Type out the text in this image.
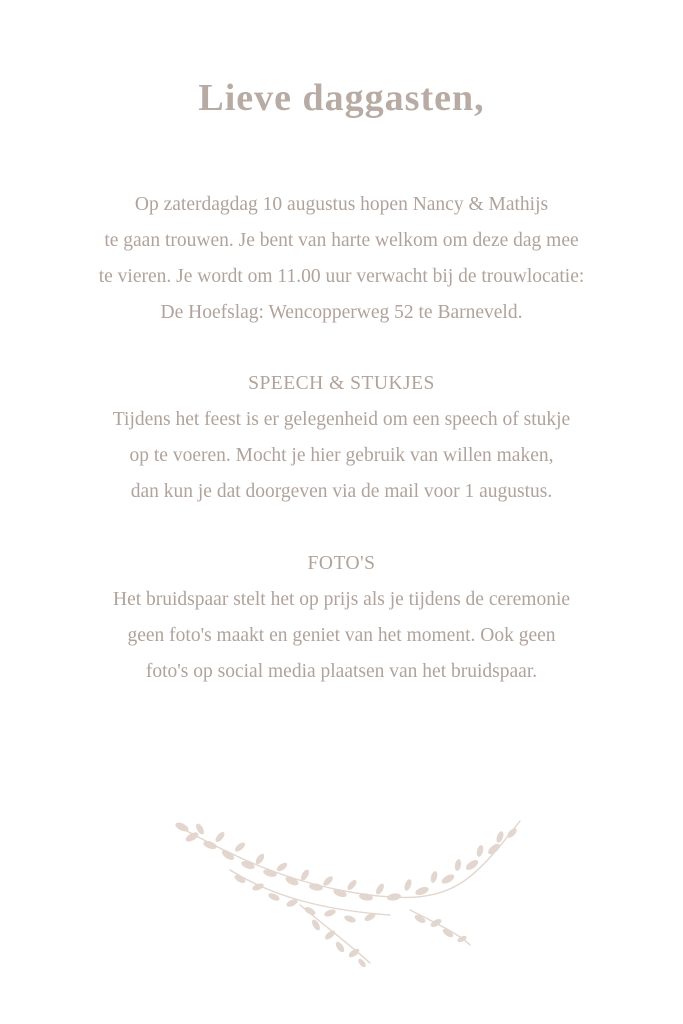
Lieve daggasten,
Op zaterdagdag 10 augustus hopen Nancy & Mathijs
te gaan trouwen. Je bent van harte welkom om deze dag mee
te vieren. Je wordt om 11.00 uur verwacht bij de trouwlocatie:
De Hoefslag: Wencopperweg 52 te Barneveld.
SPEECH & STUKJES
Tijdens het feest is er gelegenheid om een speech of stukje
op te voeren. Mocht je hier gebruik van willen maken,
dan kun je dat doorgeven via de mail voor 1 augustus.
FOTO'S
Het bruidspaar stelt het op prijs als je tijdens de ceremonie
geen foto's maakt en geniet van het moment. Ook geen
foto's op social media plaatsen van het bruidspaar.
